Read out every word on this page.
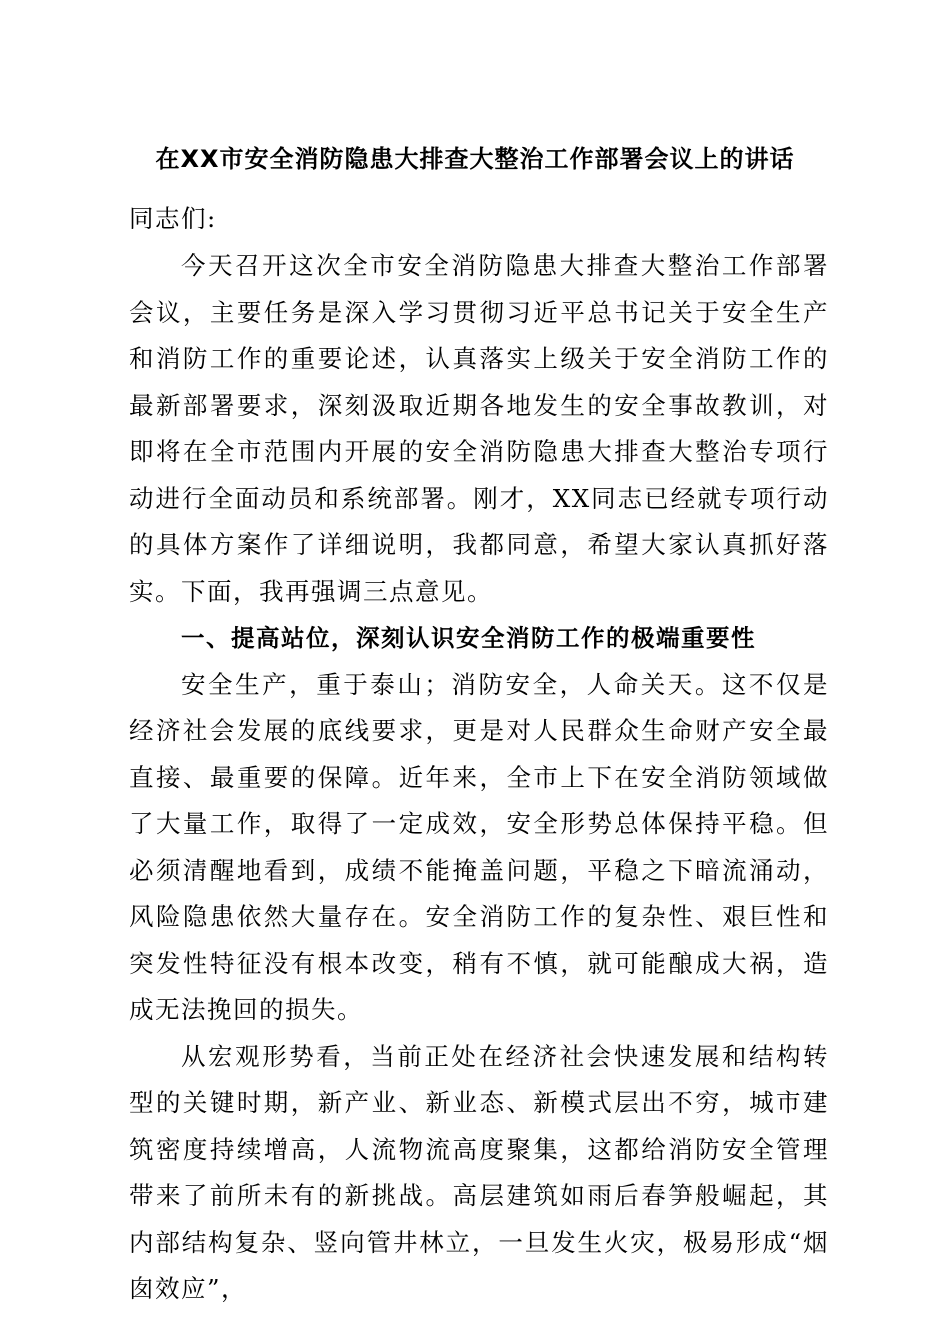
在XX市安全消防隐患大排查大整治工作部署会议上的讲话
同志们:

今天召开这次全市安全消防隐患大排查大整治工作部署会议，主要任务是深入学习贯彻习近平总书记关于安全生产和消防工作的重要论述，认真落实上级关于安全消防工作的最新部署要求，深刻汲取近期各地发生的安全事故教训，对即将在全市范围内开展的安全消防隐患大排查大整治专项行动进行全面动员和系统部署。刚才，XX同志已经就专项行动的具体方案作了详细说明，我都同意，希望大家认真抓好落实。下面，我再强调三点意见。

一、提高站位，深刻认识安全消防工作的极端重要性

安全生产，重于泰山；消防安全，人命关天。这不仅是经济社会发展的底线要求，更是对人民群众生命财产安全最直接、最重要的保障。近年来，全市上下在安全消防领域做了大量工作，取得了一定成效，安全形势总体保持平稳。但必须清醒地看到，成绩不能掩盖问题，平稳之下暗流涌动，风险隐患依然大量存在。安全消防工作的复杂性、艰巨性和突发性特征没有根本改变，稍有不慎，就可能酿成大祸，造成无法挽回的损失。

从宏观形势看，当前正处在经济社会快速发展和结构转型的关键时期，新产业、新业态、新模式层出不穷，城市建筑密度持续增高，人流物流高度聚集，这都给消防安全管理带来了前所未有的新挑战。高层建筑如雨后春笋般崛起，其内部结构复杂、竖向管井林立，一旦发生火灾，极易形成“烟囱效应”，
